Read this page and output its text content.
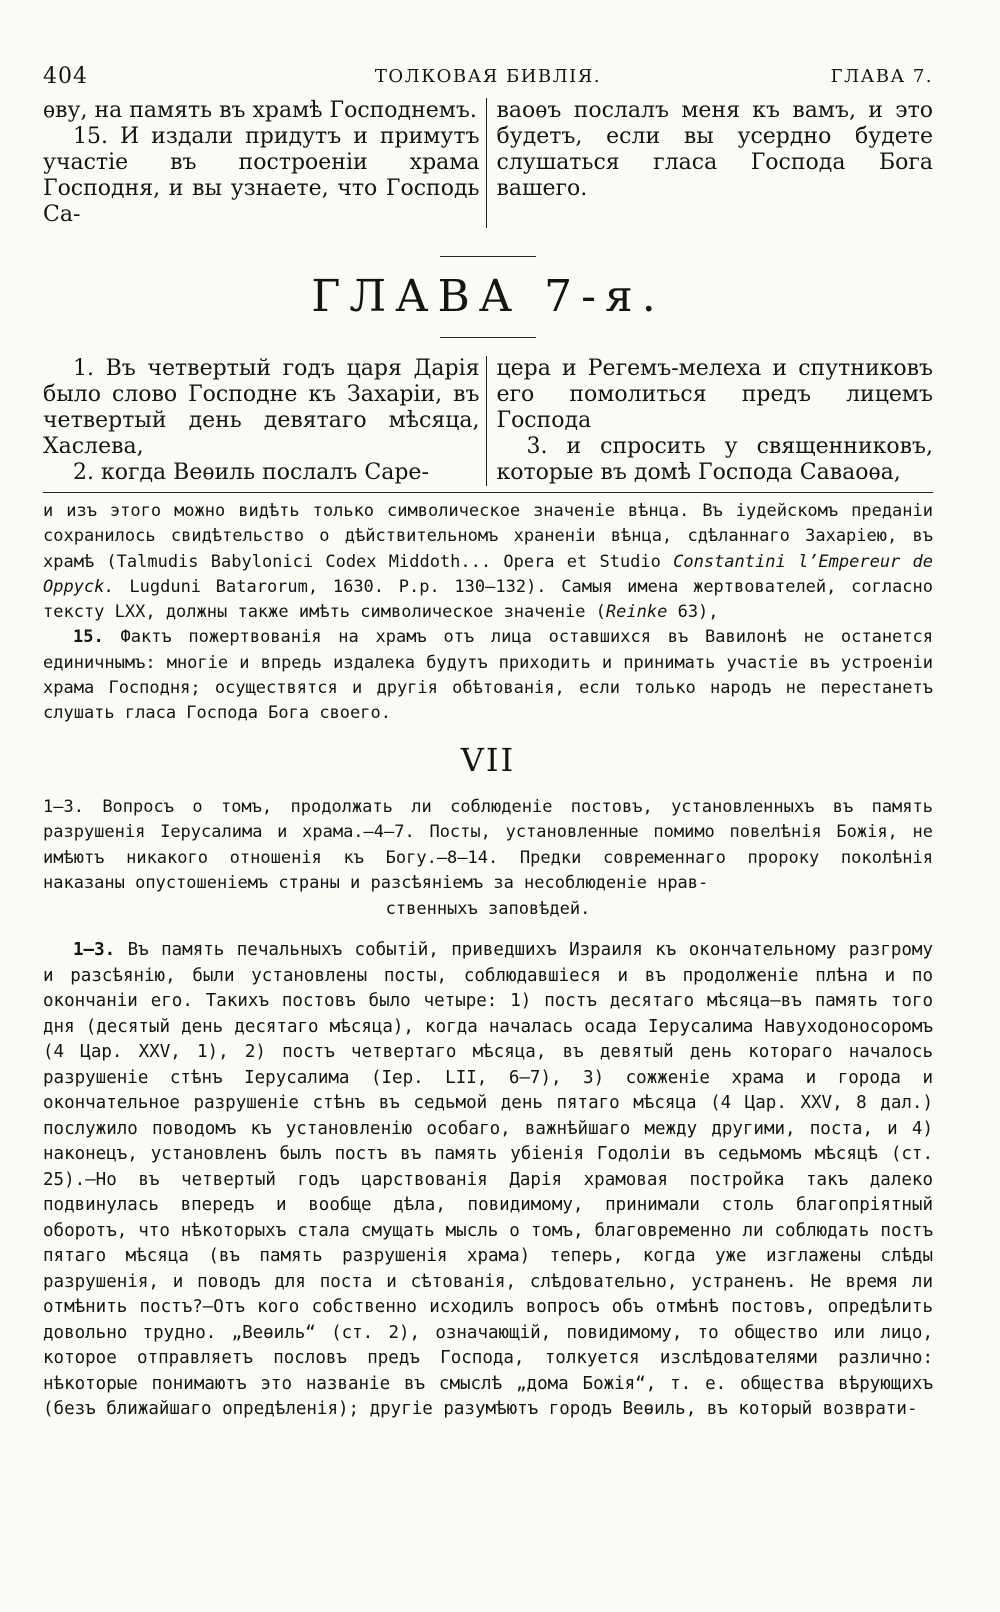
404	ТОЛКОВАЯ БИВЛIЯ.	ГЛАВА 7.

ѳву, на память въ храмѣ Господнемъ.

15. И издали придутъ и примутъ участiе въ построенiи храма Господня, и вы узнаете, что Господь Са-

ваоѳъ послалъ меня къ вамъ, и это будетъ, если вы усердно будете слушаться гласа Господа Бога вашего.

ГЛАВА 7-я.

1. Въ четвертый годъ царя Дарiя было слово Господне къ Захарiи, въ четвертый день девятаго мѣсяца, Хаслева,

2. когда Веѳиль послалъ Саре-

цера и Регемъ-мелеха и спутниковъ его помолиться предъ лицемъ Господа

3. и спросить у священниковъ, которые въ домѣ Господа Саваоѳа,

и изъ этого можно видѣть только символическое значенiе вѣнца. Въ iудейскомъ преданiи сохранилось свидѣтельство о дѣйствительномъ храненiи вѣнца, сдѣланнаго Захарiею, въ храмѣ (Talmudis Babylonici Codex Middoth... Opera et Studio Constantini l’Empereur de Oppyck. Lugduni Batarorum, 1630. P.p. 130—132). Самыя имена жертвователей, согласно тексту LXX, должны также имѣть символическое значенiе (Reinke 63),

15. Фактъ пожертвованiя на храмъ отъ лица оставшихся въ Вавилонѣ не останется единичнымъ: многiе и впредь издалека будутъ приходить и принимать участiе въ устроенiи храма Господня; осуществятся и другiя обѣтованiя, если только народъ не перестанетъ слушать гласа Господа Бога своего.

VII
1—3. Вопросъ о томъ, продолжать ли соблюденiе постовъ, установленныхъ въ память разрушенiя Iерусалима и храма.—4—7. Посты, установленные помимо повелѣнiя Божiя, не имѣютъ никакого отношенiя къ Богу.—8—14. Предки современнаго пророку поколѣнiя наказаны опустошенiемъ страны и разсѣянiемъ за несоблюденiе нрав-
ственныхъ заповѣдей.
1—3. Въ память печальныхъ событiй, приведшихъ Израиля къ окончательному разгрому и разсѣянiю, были установлены посты, соблюдавшiеся и въ продолженiе плѣна и по окончанiи его. Такихъ постовъ было четыре: 1) постъ десятаго мѣсяца—въ память того дня (десятый день десятаго мѣсяца), когда началась осада Iерусалима Навуходоносоромъ (4 Цар. XXV, 1), 2) постъ четвертаго мѣсяца, въ девятый день котораго началось разрушенiе стѣнъ Iерусалима (Iер. LII, 6—7), 3) сожженiе храма и города и окончательное разрушенiе стѣнъ въ седьмой день пятаго мѣсяца (4 Цар. XXV, 8 дал.) послужило поводомъ къ установленiю особаго, важнѣйшаго между другими, поста, и 4) наконецъ, установленъ былъ постъ въ память убiенiя Годолiи въ седьмомъ мѣсяцѣ (ст. 25).—Но въ четвертый годъ царствованiя Дарiя храмовая постройка такъ далеко подвинулась впередъ и вообще дѣла, повидимому, принимали столь благопрiятный оборотъ, что нѣкоторыхъ стала смущать мысль о томъ, благовременно ли соблюдать постъ пятаго мѣсяца (въ память разрушенiя храма) теперь, когда уже изглажены слѣды разрушенiя, и поводъ для поста и сѣтованiя, слѣдовательно, устраненъ. Не время ли отмѣнить постъ?—Отъ кого собственно исходилъ вопросъ объ отмѣнѣ постовъ, опредѣлить довольно трудно. „Веѳиль“ (ст. 2), означающiй, повидимому, то общество или лицо, которое отправляетъ пословъ предъ Господа, толкуется изслѣдователями различно: нѣкоторые понимаютъ это названiе въ смыслѣ „дома Божiя“, т. е. общества вѣрующихъ (безъ ближайшаго опредѣленiя); другiе разумѣютъ городъ Веѳиль, въ который возврати-
